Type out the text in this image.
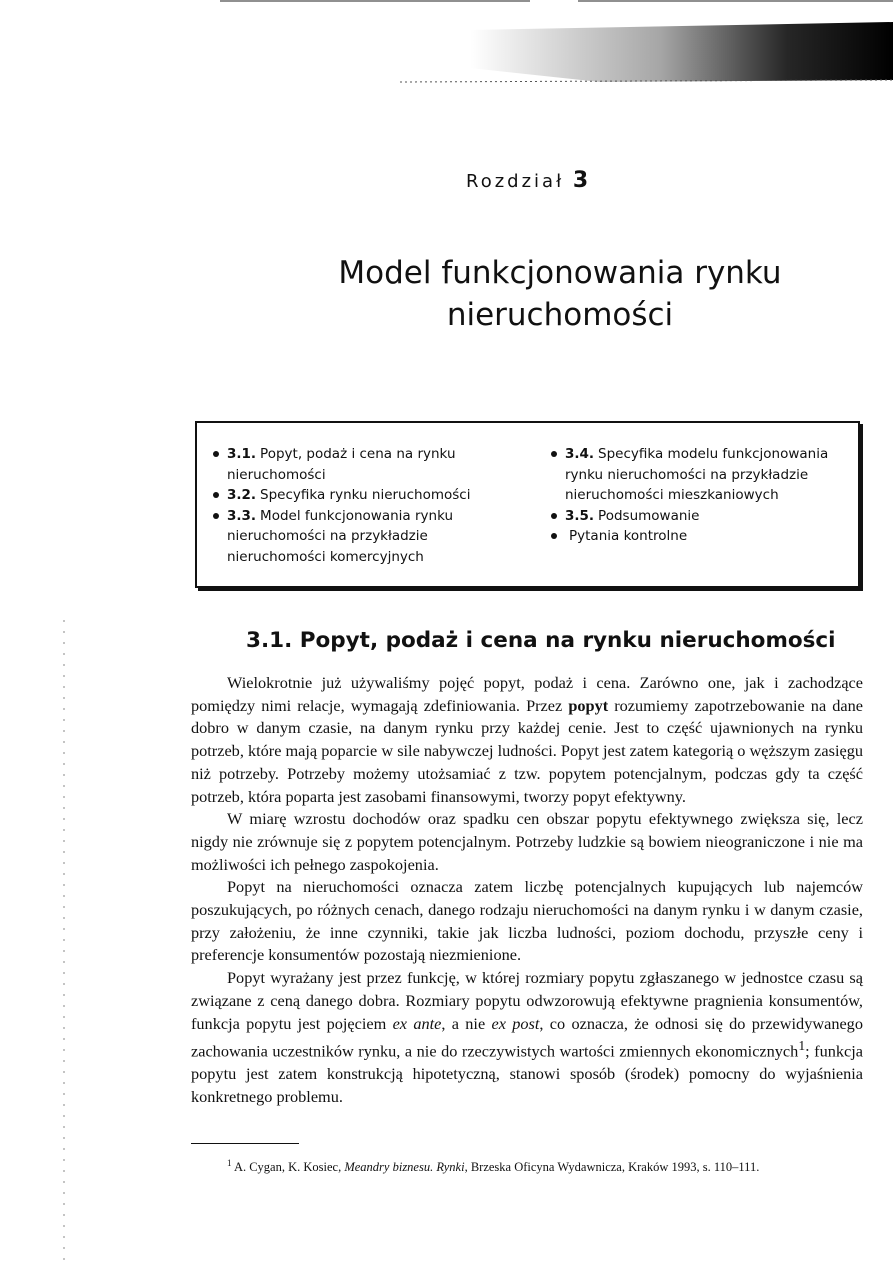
Rozdział 3
Model funkcjonowania rynku
nieruchomości
3.1. Popyt, podaż i cena na rynku nieruchomości
3.2. Specyfika rynku nieruchomości
3.3. Model funkcjonowania rynku nieruchomości na przykładzie nieruchomości komercyjnych
3.4. Specyfika modelu funkcjonowania rynku nieruchomości na przykładzie nieruchomości mieszkaniowych
3.5. Podsumowanie
Pytania kontrolne
3.1. Popyt, podaż i cena na rynku nieruchomości

Wielokrotnie już używaliśmy pojęć popyt, podaż i cena. Zarówno one, jak i zachodzące pomiędzy nimi relacje, wymagają zdefiniowania. Przez popyt rozumiemy zapotrzebowanie na dane dobro w danym czasie, na danym rynku przy każdej cenie. Jest to część ujawnionych na rynku potrzeb, które mają poparcie w sile nabywczej ludności. Popyt jest zatem kategorią o węższym zasięgu niż potrzeby. Potrzeby możemy utożsamiać z tzw. popytem potencjalnym, podczas gdy ta część potrzeb, która poparta jest zasobami finansowymi, tworzy popyt efektywny.

W miarę wzrostu dochodów oraz spadku cen obszar popytu efektywnego zwiększa się, lecz nigdy nie zrównuje się z popytem potencjalnym. Potrzeby ludzkie są bowiem nieograniczone i nie ma możliwości ich pełnego zaspokojenia.

Popyt na nieruchomości oznacza zatem liczbę potencjalnych kupujących lub najemców poszukujących, po różnych cenach, danego rodzaju nieruchomości na danym rynku i w danym czasie, przy założeniu, że inne czynniki, takie jak liczba ludności, poziom dochodu, przyszłe ceny i preferencje konsumentów pozostają niezmienione.

Popyt wyrażany jest przez funkcję, w której rozmiary popytu zgłaszanego w jednostce czasu są związane z ceną danego dobra. Rozmiary popytu odwzorowują efektywne pragnienia konsumentów, funkcja popytu jest pojęciem ex ante, a nie ex post, co oznacza, że odnosi się do przewidywanego zachowania uczestników rynku, a nie do rzeczywistych wartości zmiennych ekonomicznych$^1$; funkcja popytu jest zatem konstrukcją hipotetyczną, stanowi sposób (środek) pomocny do wyjaśnienia konkretnego problemu.

$^1$ A. Cygan, K. Kosiec, Meandry biznesu. Rynki, Brzeska Oficyna Wydawnicza, Kraków 1993, s. 110–111.
